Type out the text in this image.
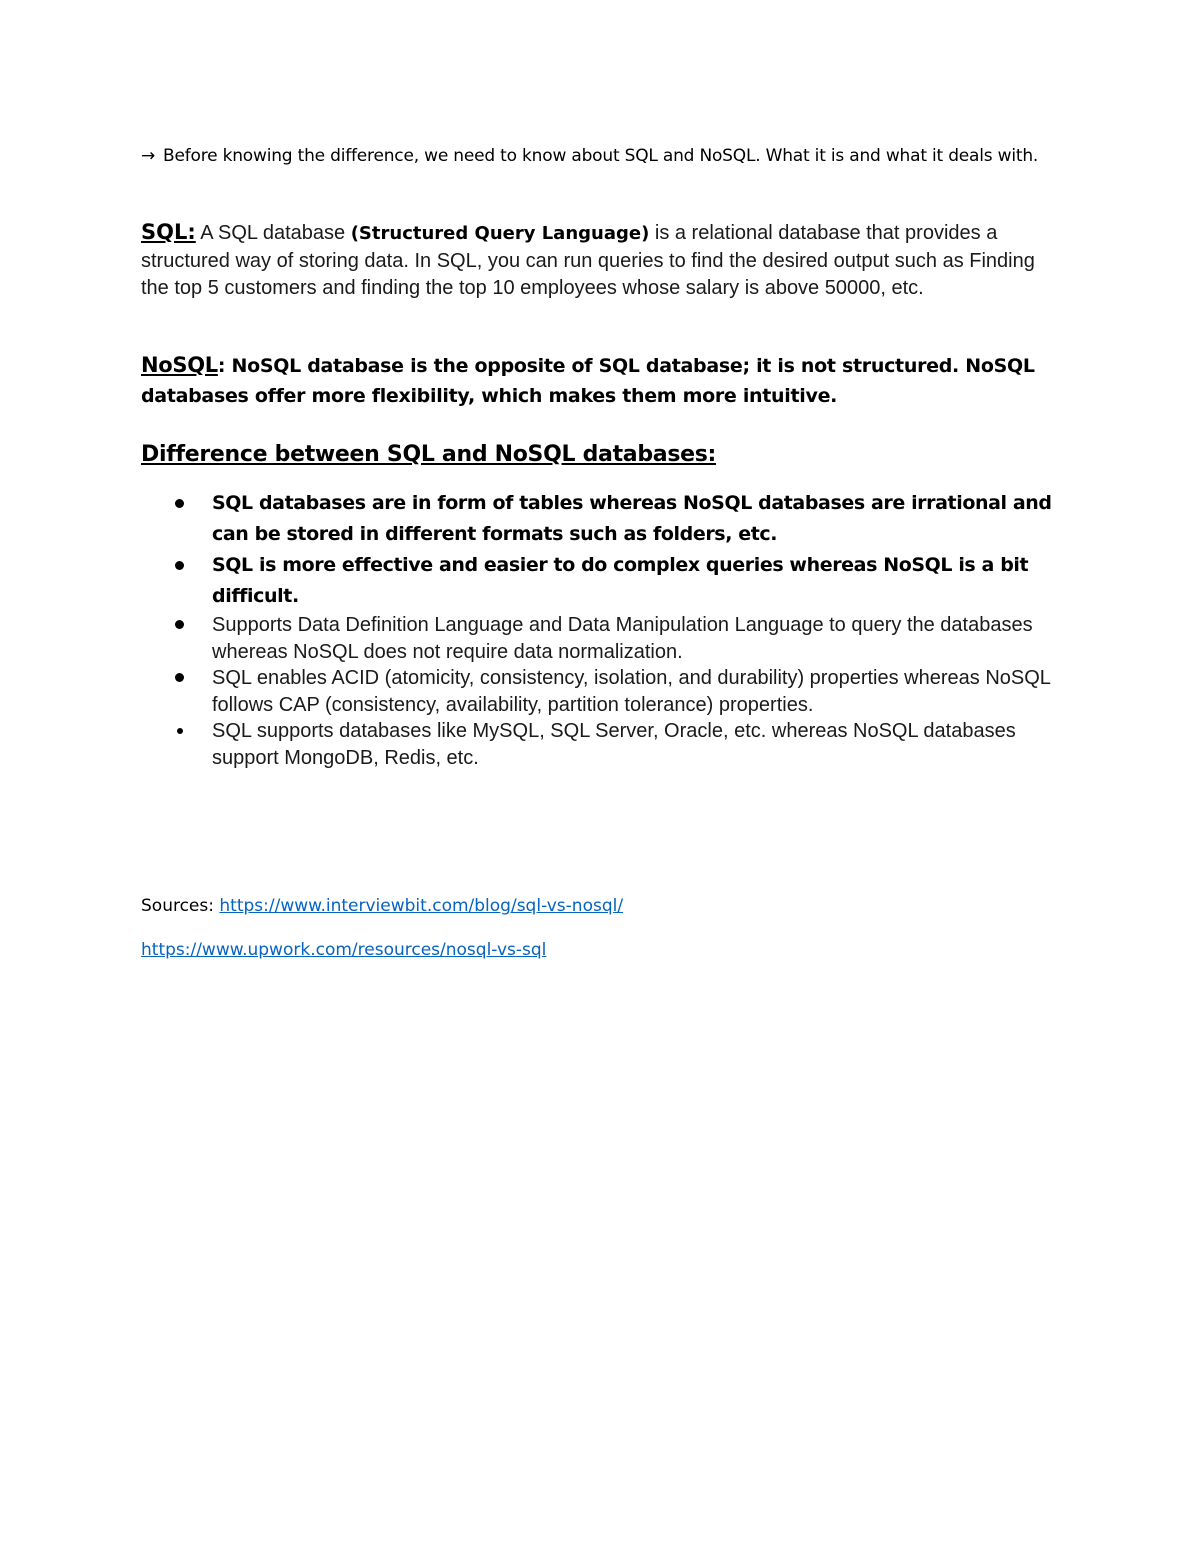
→ Before knowing the difference, we need to know about SQL and NoSQL. What it is and what it deals with.
SQL: A SQL database (Structured Query Language) is a relational database that provides a structured way of storing data. In SQL, you can run queries to find the desired output such as Finding the top 5 customers and finding the top 10 employees whose salary is above 50000, etc.
NoSQL: NoSQL database is the opposite of SQL database; it is not structured. NoSQL databases offer more flexibility, which makes them more intuitive.
Difference between SQL and NoSQL databases:
SQL databases are in form of tables whereas NoSQL databases are irrational and can be stored in different formats such as folders, etc.
SQL is more effective and easier to do complex queries whereas NoSQL is a bit difficult.
Supports Data Definition Language and Data Manipulation Language to query the databases whereas NoSQL does not require data normalization.
SQL enables ACID (atomicity, consistency, isolation, and durability) properties whereas NoSQL follows CAP (consistency, availability, partition tolerance) properties.
SQL supports databases like MySQL, SQL Server, Oracle, etc. whereas NoSQL databases support MongoDB, Redis, etc.
Sources: https://www.interviewbit.com/blog/sql-vs-nosql/
https://www.upwork.com/resources/nosql-vs-sql
